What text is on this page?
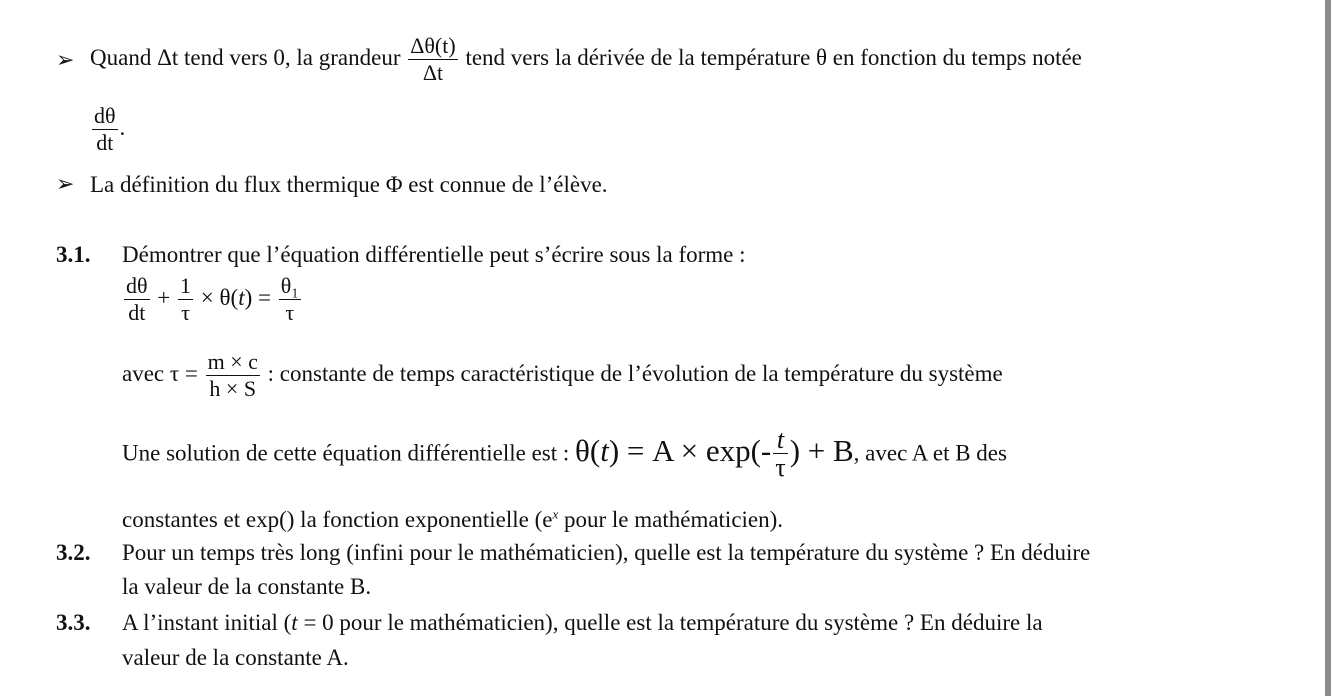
➢ Quand Δt tend vers 0, la grandeur $\frac{\Delta\theta(t)}{\Delta t}$ tend vers la dérivée de la température θ en fonction du temps notée
$\frac{d\theta}{dt}$ .
➢ La définition du flux thermique Φ est connue de l’élève.
3.1. Démontrer que l’équation différentielle peut s’écrire sous la forme :
$\frac{d\theta}{dt} + \frac{1}{\tau} \times \theta(t) = \frac{\text{θ₁}}{\tau}$
avec $\tau = \frac{m \times c}{h \times S}$ : constante de temps caractéristique de l’évolution de la température du système
Une solution de cette équation différentielle est : $\theta(t) = A \times \exp(- \frac{t}{\tau}$ ) + B, avec A et B des
constantes et exp() la fonction exponentielle ($e^x$ pour le mathématicien).
3.2. Pour un temps très long (infini pour le mathématicien), quelle est la température du système ? En déduire
la valeur de la constante B.
3.3. A l’instant initial (t = 0 pour le mathématicien), quelle est la température du système ? En déduire la
valeur de la constante A.
